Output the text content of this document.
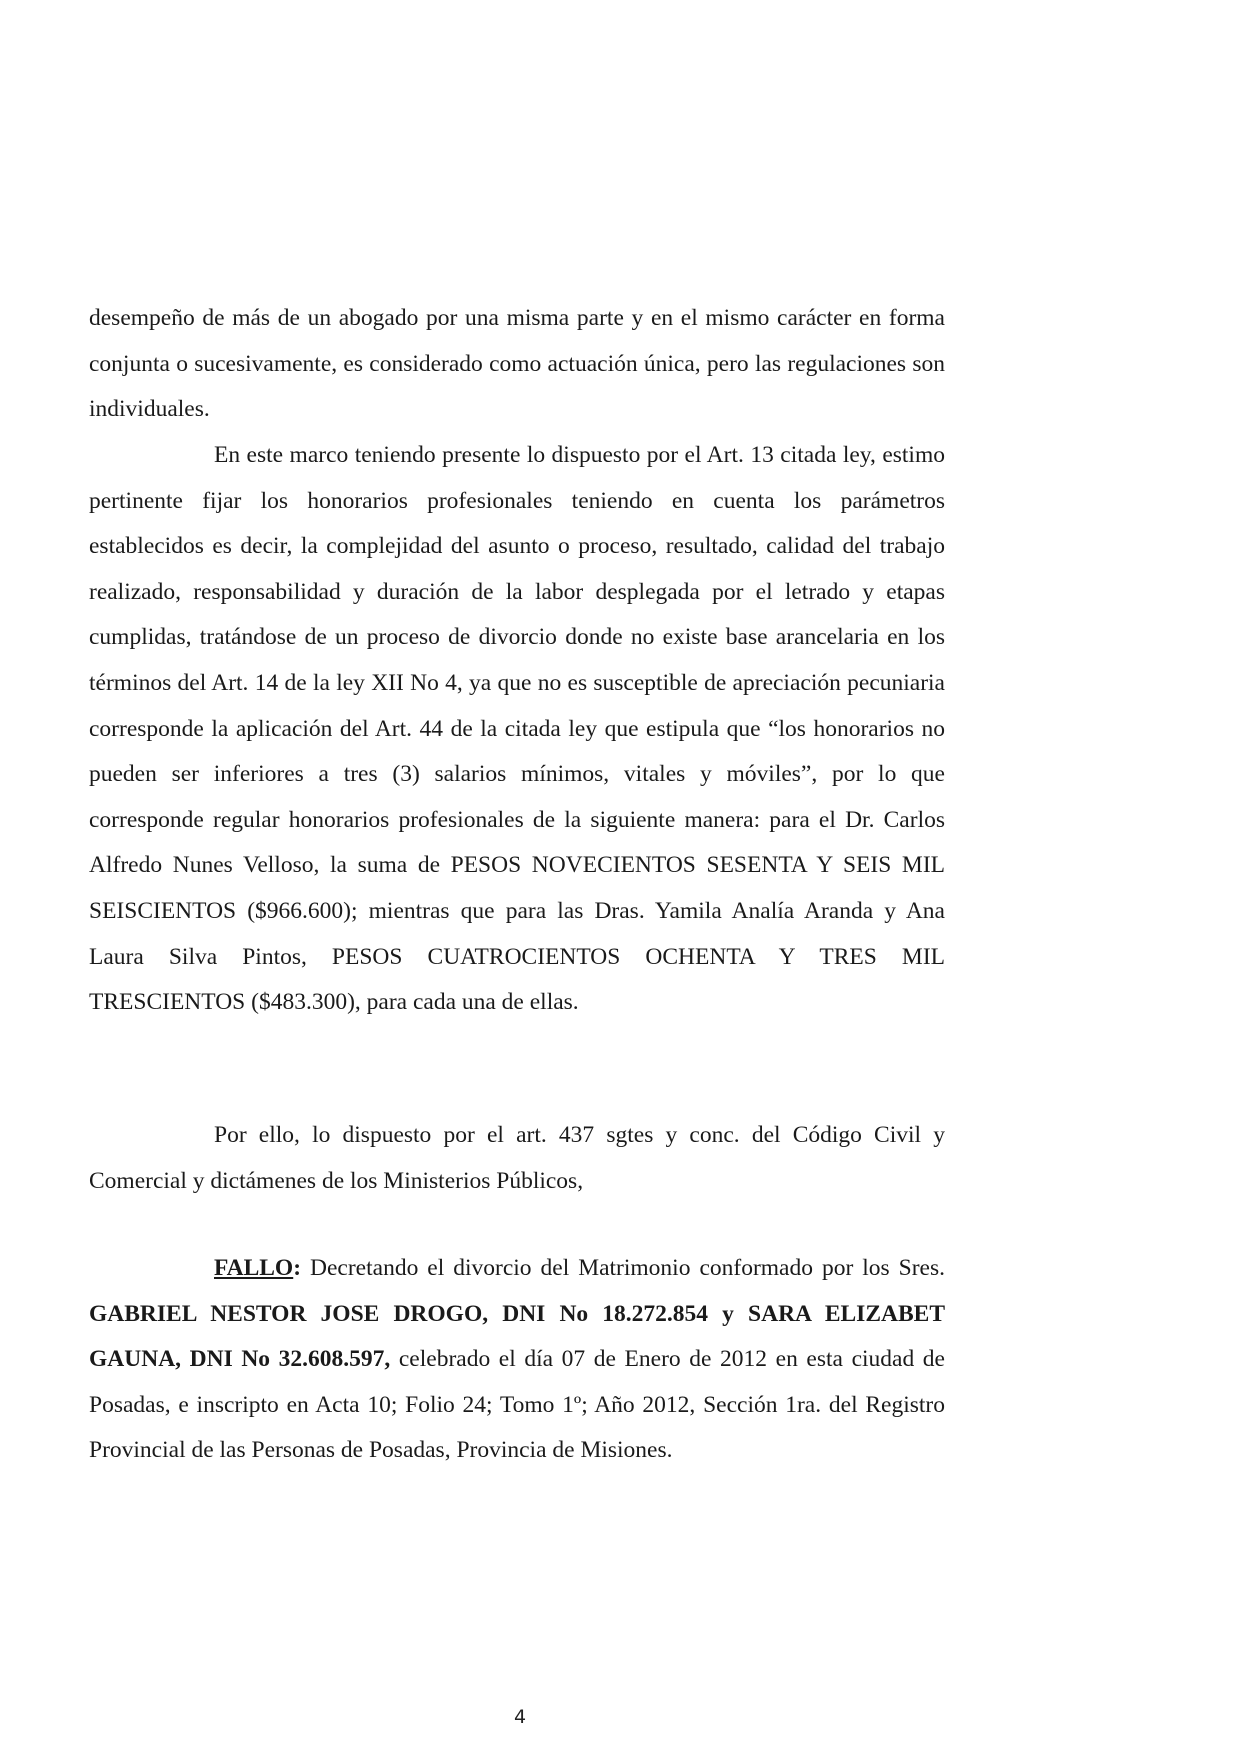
desempeño de más de un abogado por una misma parte y en el mismo carácter en forma conjunta o sucesivamente, es considerado como actuación única, pero las regulaciones son individuales.

En este marco teniendo presente lo dispuesto por el Art. 13 citada ley, estimo pertinente fijar los honorarios profesionales teniendo en cuenta los parámetros establecidos es decir, la complejidad del asunto o proceso, resultado, calidad del trabajo realizado, responsabilidad y duración de la labor desplegada por el letrado y etapas cumplidas, tratándose de un proceso de divorcio donde no existe base arancelaria en los términos del Art. 14 de la ley XII No 4, ya que no es susceptible de apreciación pecuniaria corresponde la aplicación del Art. 44 de la citada ley que estipula que “los honorarios no pueden ser inferiores a tres (3) salarios mínimos, vitales y móviles”, por lo que corresponde regular honorarios profesionales de la siguiente manera: para el Dr. Carlos Alfredo Nunes Velloso, la suma de PESOS NOVECIENTOS SESENTA Y SEIS MIL SEISCIENTOS ($966.600); mientras que para las Dras. Yamila Analía Aranda y Ana Laura Silva Pintos, PESOS CUATROCIENTOS OCHENTA Y TRES MIL TRESCIENTOS ($483.300), para cada una de ellas.

Por ello, lo dispuesto por el art. 437 sgtes y conc. del Código Civil y Comercial y dictámenes de los Ministerios Públicos,

FALLO: Decretando el divorcio del Matrimonio conformado por los Sres. GABRIEL NESTOR JOSE DROGO, DNI No 18.272.854 y SARA ELIZABET GAUNA, DNI No 32.608.597, celebrado el día 07 de Enero de 2012 en esta ciudad de Posadas, e inscripto en Acta 10; Folio 24; Tomo 1º; Año 2012, Sección 1ra. del Registro Provincial de las Personas de Posadas, Provincia de Misiones.

4
